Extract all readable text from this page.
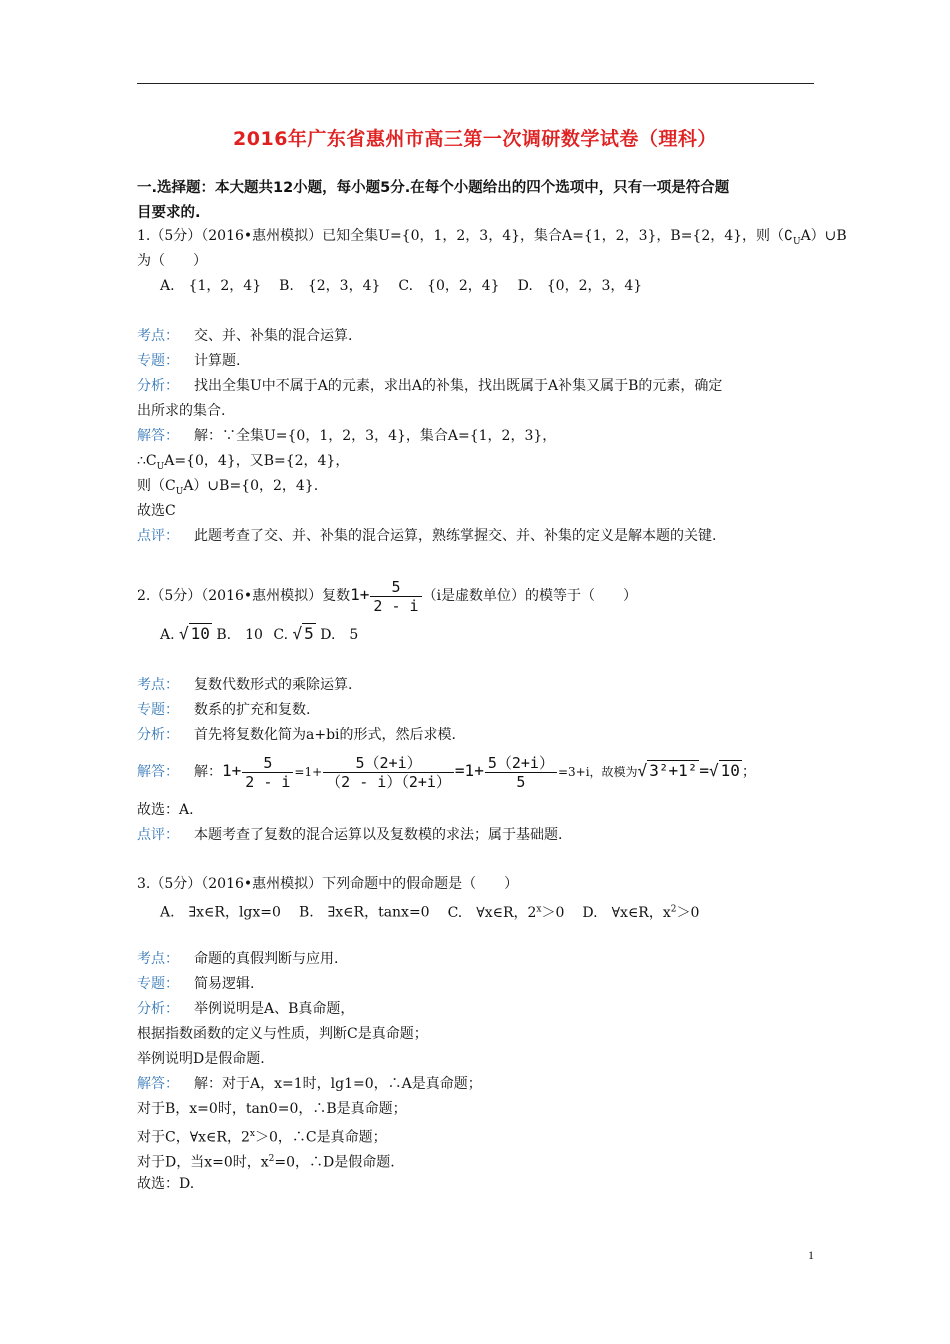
2016年广东省惠州市高三第一次调研数学试卷（理科）
一.选择题：本大题共12小题，每小题5分.在每个小题给出的四个选项中，只有一项是符合题
目要求的.
1.（5分）（2016•惠州模拟）已知全集U={0，1，2，3，4}，集合A={1，2，3}，B={2，4}，则$(∁_UA)\cup B$
为（　　）
A.　{1，2，4} B.　{2，3，4} C.　{0，2，4} D.　{0，2，3，4}
考点： 交、并、补集的混合运算.
专题： 计算题.
分析： 找出全集U中不属于A的元素，求出A的补集，找出既属于A补集又属于B的元素，确定
出所求的集合.
解答： 解：∵全集U={0，1，2，3，4}，集合A={1，2，3}，
$\therefore C_UA=\{0$，4}，又B={2，4}，
则$(C_UA)\cup B=\{0$，2，4}.
故选C
点评： 此题考查了交、并、补集的混合运算，熟练掌握交、并、补集的定义是解本题的关键.
2.（5分）（2016•惠州模拟）复数$1+ \frac{5}{2 - i} (i$是虚数单位）的模等于（　　）
A. √ 10 B.　10 C. √ 5 D.　5
考点： 复数代数形式的乘除运算.
专题： 数系的扩充和复数.
分析： 首先将复数化简为a+bi的形式，然后求模.
解答： 解：$1+ \frac{5}{2 - i} =1+ \frac{5(2+i)}{(2 - i)(2+i)} =1+ \frac{5(2+i)}{5} =3+i$，故模为√ 3²+1² =√ 10 ；
故选：A.
点评： 本题考查了复数的混合运算以及复数模的求法；属于基础题.
3.（5分）（2016•惠州模拟）下列命题中的假命题是（　　）
A.　∃x∈R，lgx=0 B.　∃x∈R，tanx=0 C.　∀x∈R，$2^x>0$ D.　∀x∈R，$x^2>0$
考点： 命题的真假判断与应用.
专题： 简易逻辑.
分析： 举例说明是A、B真命题，
根据指数函数的定义与性质，判断C是真命题；
举例说明D是假命题.
解答： 解：对于A，x=1时，lg1=0，∴A是真命题；
对于B，x=0时，tan0=0，∴B是真命题；
对于C，∀x∈R，$2^x>0$，∴C是真命题；
对于D，当x=0时，$x^2=0$，∴D是假命题.
故选：D.
1
